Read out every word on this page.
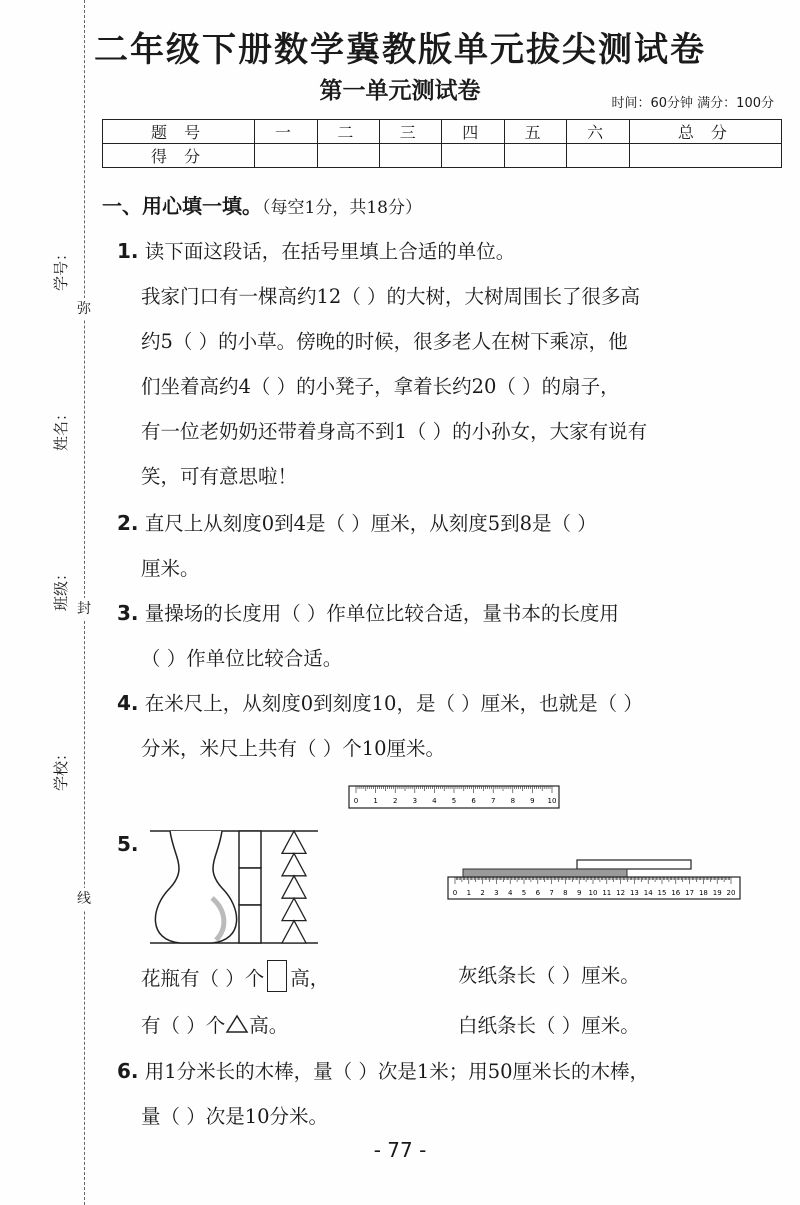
二年级下册数学冀教版单元拔尖测试卷
第一单元测试卷	时间：60分钟 满分：100分
题 号	一	二	三	四	五	六	总 分
得 分							
学号：
姓名：
班级：
学校：
弥
封
线
一、用心填一填。（每空1分，共18分）
1. 读下面这段话，在括号里填上合适的单位。
我家门口有一棵高约12（ ）的大树，大树周围长了很多高
约5（ ）的小草。傍晚的时候，很多老人在树下乘凉，他
们坐着高约4（ ）的小凳子，拿着长约20（ ）的扇子，
有一位老奶奶还带着身高不到1（ ）的小孙女，大家有说有
笑，可有意思啦！
2. 直尺上从刻度0到4是（ ）厘米，从刻度5到8是（ ）
厘米。
3. 量操场的长度用（ ）作单位比较合适，量书本的长度用
（ ）作单位比较合适。
4. 在米尺上，从刻度0到刻度10，是（ ）厘米，也就是（ ）
分米，米尺上共有（ ）个10厘米。
0 1 2 3 4 5 6 7 8 9 10
5.
0 1 2 3 4 5 6 7 8 9 10 11 12 13 14 15 16 17 18 19 20
花瓶有（ ）个 高，
有（ ）个 高。
灰纸条长（ ）厘米。
白纸条长（ ）厘米。
6. 用1分米长的木棒，量（ ）次是1米；用50厘米长的木棒，
量（ ）次是10分米。
- 77 -
